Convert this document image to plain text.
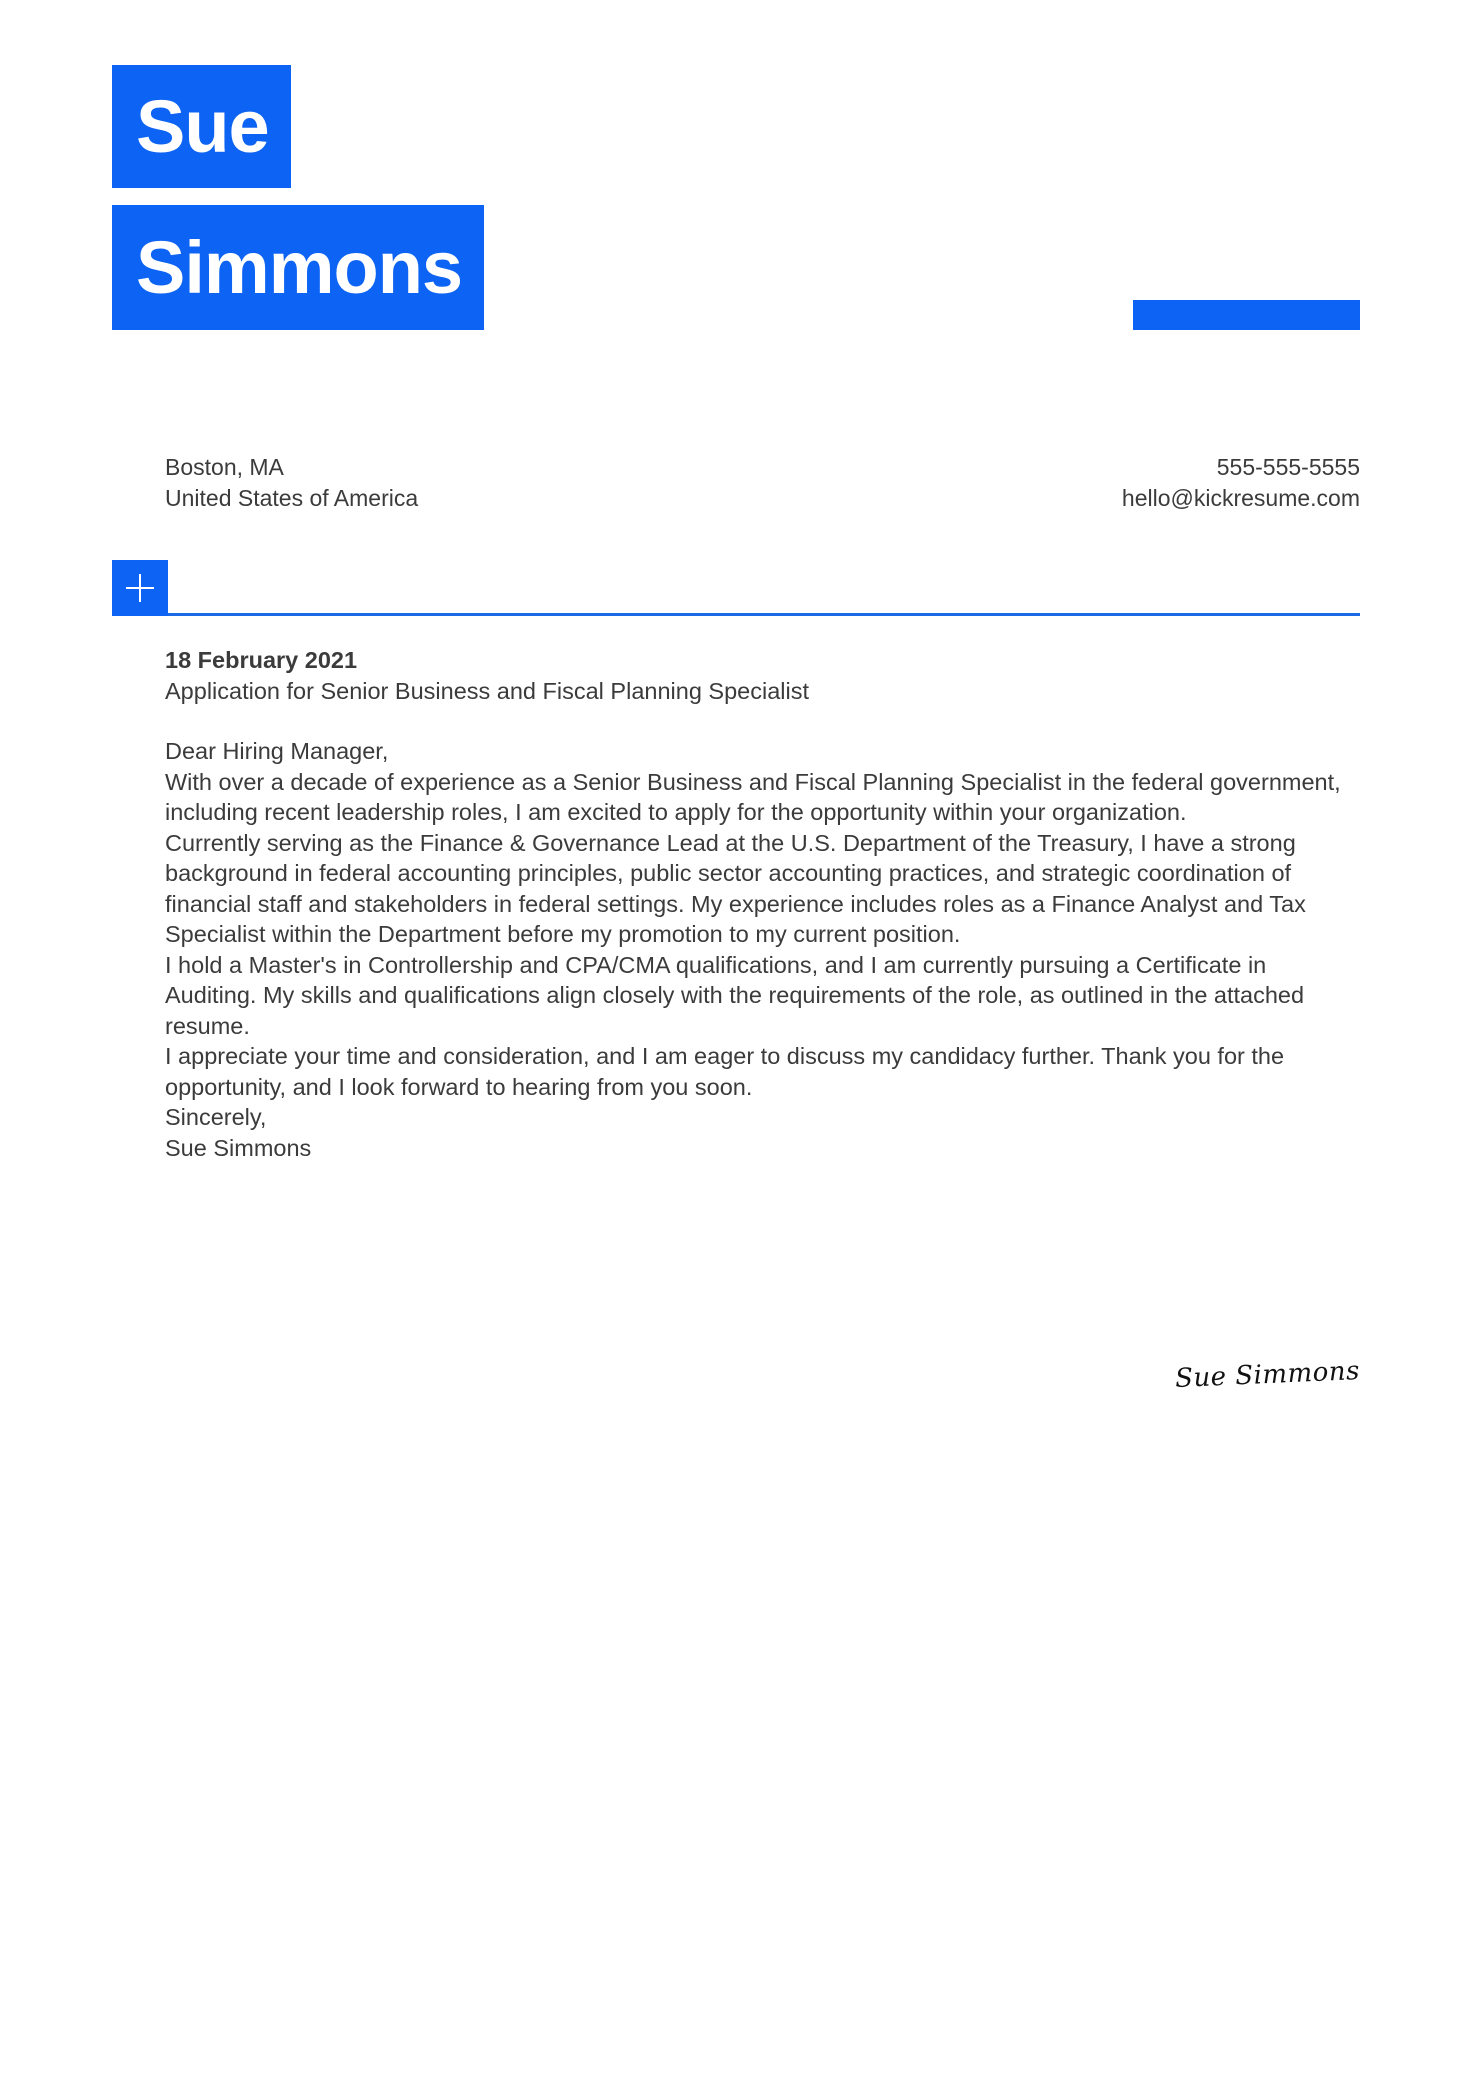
Sue
Simmons
Boston, MA
United States of America
555-555-5555
hello@kickresume.com

18 February 2021

Application for Senior Business and Fiscal Planning Specialist

Dear Hiring Manager,

With over a decade of experience as a Senior Business and Fiscal Planning Specialist in the federal government, including recent leadership roles, I am excited to apply for the opportunity within your organization.

Currently serving as the Finance & Governance Lead at the U.S. Department of the Treasury, I have a strong background in federal accounting principles, public sector accounting practices, and strategic coordination of financial staff and stakeholders in federal settings. My experience includes roles as a Finance Analyst and Tax Specialist within the Department before my promotion to my current position.

I hold a Master's in Controllership and CPA/CMA qualifications, and I am currently pursuing a Certificate in Auditing. My skills and qualifications align closely with the requirements of the role, as outlined in the attached resume.

I appreciate your time and consideration, and I am eager to discuss my candidacy further. Thank you for the opportunity, and I look forward to hearing from you soon.

Sincerely,
Sue Simmons

Sue Simmons
